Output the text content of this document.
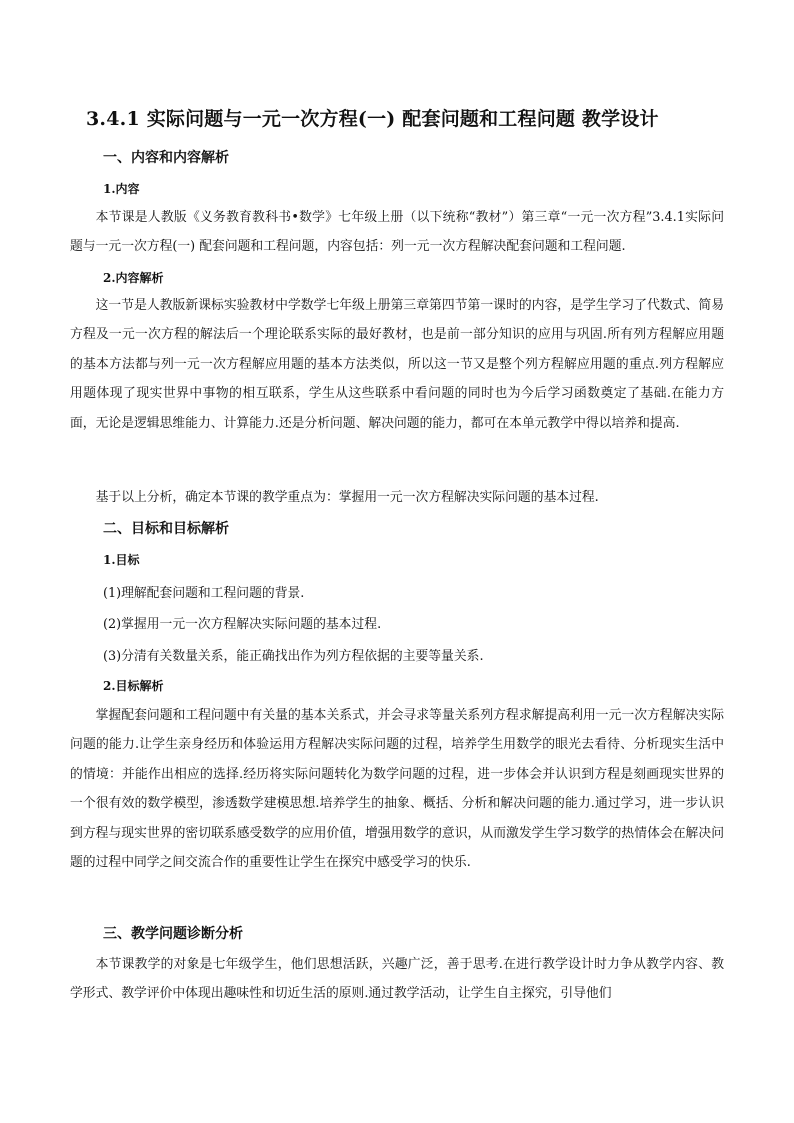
3.4.1 实际问题与一元一次方程(一) 配套问题和工程问题 教学设计
一、内容和内容解析
1.内容

本节课是人教版《义务教育教科书•数学》七年级上册（以下统称“教材”）第三章“一元一次方程”3.4.1实际问题与一元一次方程(一) 配套问题和工程问题，内容包括：列一元一次方程解决配套问题和工程问题.

2.内容解析

这一节是人教版新课标实验教材中学数学七年级上册第三章第四节第一课时的内容，是学生学习了代数式、简易方程及一元一次方程的解法后一个理论联系实际的最好教材，也是前一部分知识的应用与巩固.所有列方程解应用题的基本方法都与列一元一次方程解应用题的基本方法类似，所以这一节又是整个列方程解应用题的重点.列方程解应用题体现了现实世界中事物的相互联系，学生从这些联系中看问题的同时也为今后学习函数奠定了基础.在能力方面，无论是逻辑思维能力、计算能力.还是分析问题、解决问题的能力，都可在本单元教学中得以培养和提高.

基于以上分析，确定本节课的教学重点为：掌握用一元一次方程解决实际问题的基本过程.

二、目标和目标解析
1.目标
(1)理解配套问题和工程问题的背景.
(2)掌握用一元一次方程解决实际问题的基本过程.
(3)分清有关数量关系，能正确找出作为列方程依据的主要等量关系.
2.目标解析

掌握配套问题和工程问题中有关量的基本关系式，并会寻求等量关系列方程求解提高利用一元一次方程解决实际问题的能力.让学生亲身经历和体验运用方程解决实际问题的过程，培养学生用数学的眼光去看待、分析现实生活中的情境：并能作出相应的选择.经历将实际问题转化为数学问题的过程，进一步体会并认识到方程是刻画现实世界的一个很有效的数学模型，渗透数学建模思想.培养学生的抽象、概括、分析和解决问题的能力.通过学习，进一步认识到方程与现实世界的密切联系感受数学的应用价值，增强用数学的意识，从而激发学生学习数学的热情体会在解决问题的过程中同学之间交流合作的重要性让学生在探究中感受学习的快乐.

三、教学问题诊断分析

本节课教学的对象是七年级学生，他们思想活跃，兴趣广泛，善于思考.在进行教学设计时力争从教学内容、教学形式、教学评价中体现出趣味性和切近生活的原则.通过教学活动，让学生自主探究，引导他们
